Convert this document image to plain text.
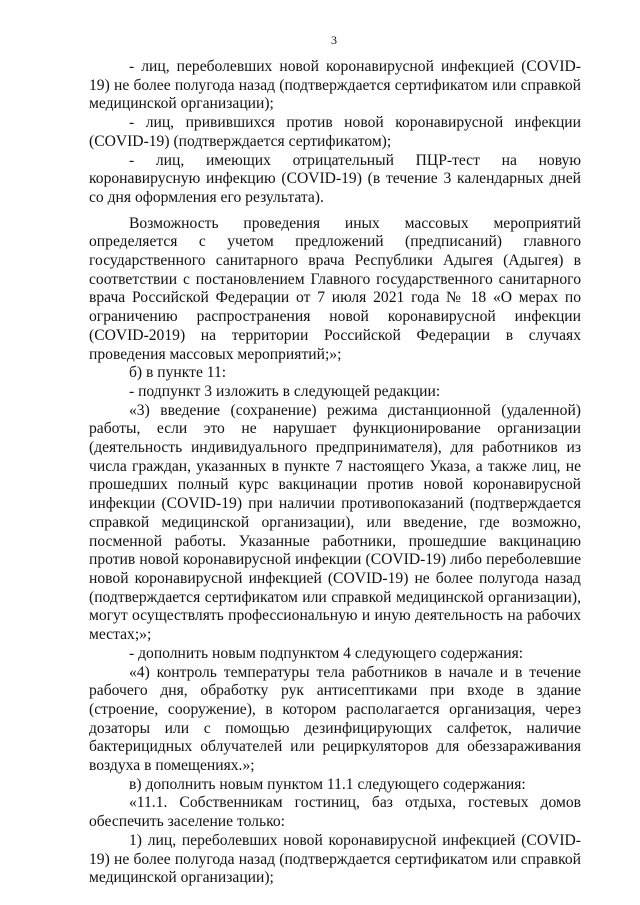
3

- лиц, переболевших новой коронавирусной инфекцией (COVID-19) не более полугода назад (подтверждается сертификатом или справкой медицинской организации);

- лиц, привившихся против новой коронавирусной инфекции (COVID-19) (подтверждается сертификатом);

- лиц, имеющих отрицательный ПЦР-тест на новую коронавирусную инфекцию (COVID-19) (в течение 3 календарных дней со дня оформления его результата).

Возможность проведения иных массовых мероприятий определяется с учетом предложений (предписаний) главного государственного санитарного врача Республики Адыгея (Адыгея) в соответствии с постановлением Главного государственного санитарного врача Российской Федерации от 7 июля 2021 года № 18 «О мерах по ограничению распространения новой коронавирусной инфекции (COVID-2019) на территории Российской Федерации в случаях проведения массовых мероприятий;»;

б) в пункте 11:

- подпункт 3 изложить в следующей редакции:

«3) введение (сохранение) режима дистанционной (удаленной) работы, если это не нарушает функционирование организации (деятельность индивидуального предпринимателя), для работников из числа граждан, указанных в пункте 7 настоящего Указа, а также лиц, не прошедших полный курс вакцинации против новой коронавирусной инфекции (COVID-19) при наличии противопоказаний (подтверждается справкой медицинской организации), или введение, где возможно, посменной работы. Указанные работники, прошедшие вакцинацию против новой коронавирусной инфекции (COVID-19) либо переболевшие новой коронавирусной инфекцией (COVID-19) не более полугода назад (подтверждается сертификатом или справкой медицинской организации), могут осуществлять профессиональную и иную деятельность на рабочих местах;»;

- дополнить новым подпунктом 4 следующего содержания:

«4) контроль температуры тела работников в начале и в течение рабочего дня, обработку рук антисептиками при входе в здание (строение, сооружение), в котором располагается организация, через дозаторы или с помощью дезинфицирующих салфеток, наличие бактерицидных облучателей или рециркуляторов для обеззараживания воздуха в помещениях.»;

в) дополнить новым пунктом 11.1 следующего содержания:

«11.1. Собственникам гостиниц, баз отдыха, гостевых домов обеспечить заселение только:

1) лиц, переболевших новой коронавирусной инфекцией (COVID-19) не более полугода назад (подтверждается сертификатом или справкой медицинской организации);
